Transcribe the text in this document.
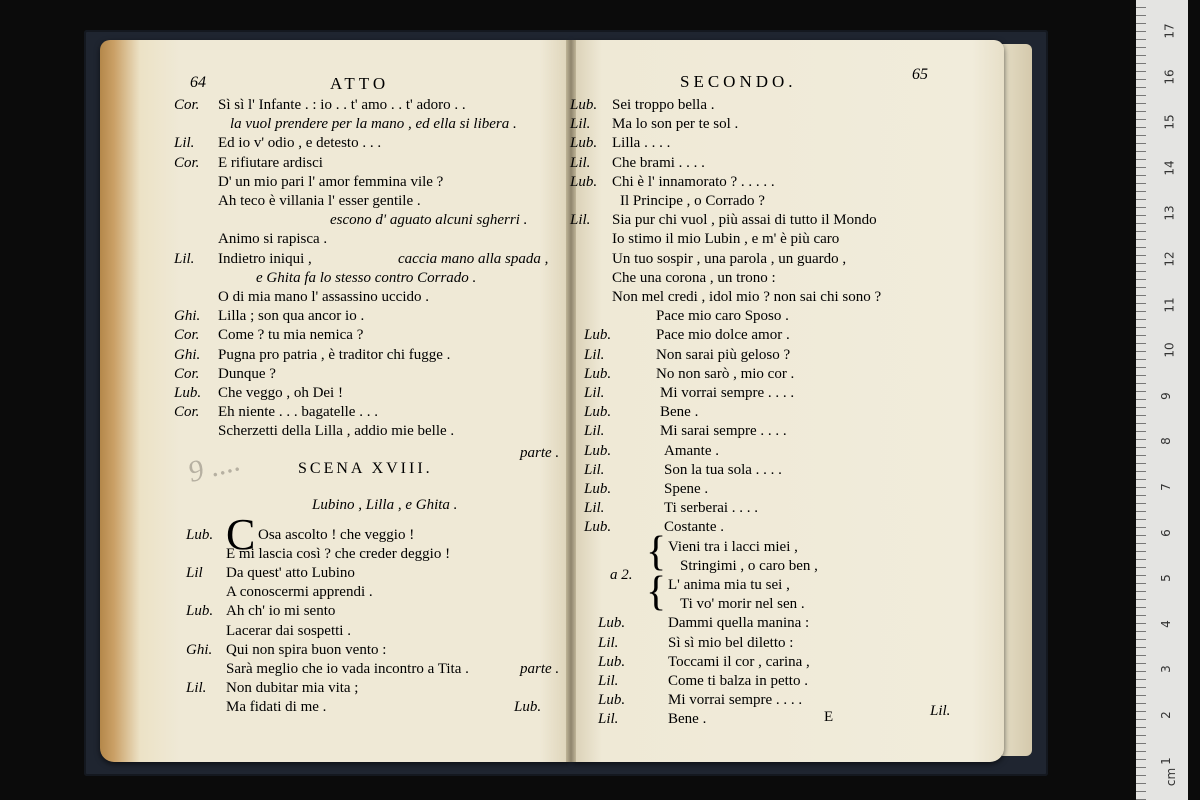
17
16
15
14
13
12
11
10
9
8
7
6
5
4
3
2
1
cm
64	ATTO
Cor. Sì sì l' Infante . : io . . t' amo . . t' adoro . .
la vuol prendere per la mano , ed ella si libera .
Lil. Ed io v' odio , e detesto . . .
Cor. E rifiutare ardisci
D' un mio pari l' amor femmina vile ?
Ah teco è villania l' esser gentile .
escono d' aguato alcuni sgherri .
Animo si rapisca .
Lil. Indietro iniqui ,	caccia mano alla spada ,
e Ghita fa lo stesso contro Corrado .
O di mia mano l' assassino uccido .
Ghi. Lilla ; son qua ancor io .
Cor. Come ? tu mia nemica ?
Ghi. Pugna pro patria , è traditor chi fugge .
Cor. Dunque ?
Lub. Che veggo , oh Dei !
Cor. Eh niente . . . bagatelle . . .
Scherzetti della Lilla , addio mie belle .
parte .
9 ....	SCENA XVIII.
Lubino , Lilla , e Ghita .
C
Lub.	Osa ascolto ! che veggio !
E mi lascia così ? che creder deggio !
Lil Da quest' atto Lubino
A conoscermi apprendi .
Lub. Ah ch' io mi sento
Lacerar dai sospetti .
Ghi. Qui non spira buon vento :
Sarà meglio che io vada incontro a Tita .	parte .
Lil. Non dubitar mia vita ;
Ma fidati di me .	Lub.
SECONDO.	65
Lub. Sei troppo bella .
Lil. Ma lo son per te sol .
Lub. Lilla . . . .
Lil. Che brami . . . .
Lub. Chi è l' innamorato ? . . . . .
Il Principe , o Corrado ?
Lil. Sia pur chi vuol , più assai di tutto il Mondo
Io stimo il mio Lubin , e m' è più caro
Un tuo sospir , una parola , un guardo ,
Che una corona , un trono :
Non mel credi , idol mio ? non sai chi sono ?
Pace mio caro Sposo .
Lub.	Pace mio dolce amor .
Lil.	Non sarai più geloso ?
Lub.	No non sarò , mio cor .
Lil.	Mi vorrai sempre . . . .
Lub.	Bene .
Lil.	Mi sarai sempre . . . .
Lub.	Amante .
Lil.	Son la tua sola . . . .
Lub.	Spene .
Lil.	Ti serberai . . . .
Lub.	Costante .
a 2. {
{
Vieni tra i lacci miei ,
Stringimi , o caro ben ,
L' anima mia tu sei ,
Ti vo' morir nel sen .
Lub.	Dammi quella manina :
Lil.	Sì sì mio bel diletto :
Lub.	Toccami il cor , carina ,
Lil.	Come ti balza in petto .
Lub.	Mi vorrai sempre . . . .
Lil.	Bene .	E	Lil.
